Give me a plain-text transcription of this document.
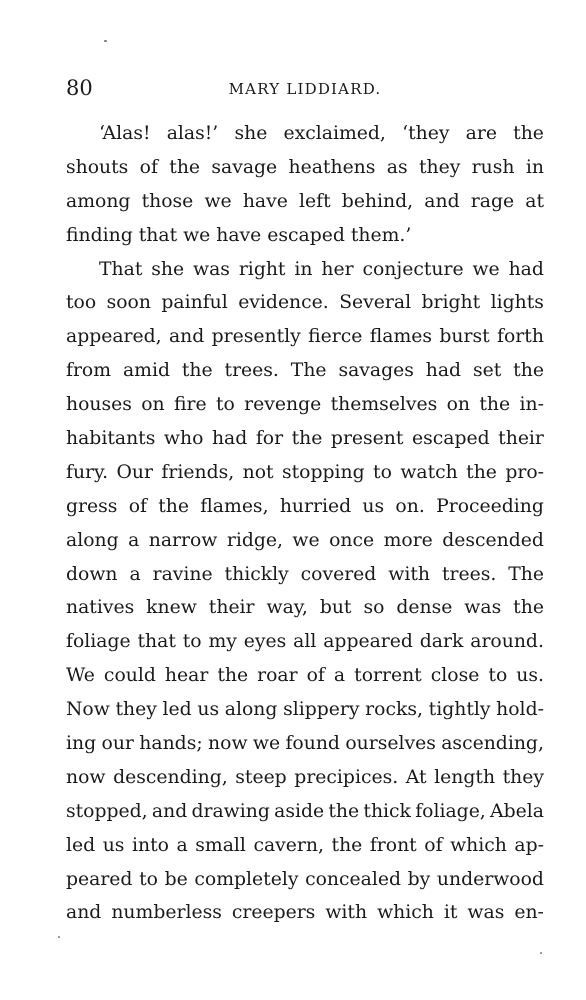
80	MARY LIDDIARD.
‘Alas! alas!’ she exclaimed, ‘they are the
shouts of the savage heathens as they rush in
among those we have left behind, and rage at
finding that we have escaped them.’
That she was right in her conjecture we had
too soon painful evidence. Several bright lights
appeared, and presently fierce flames burst forth
from amid the trees. The savages had set the
houses on fire to revenge themselves on the in-
habitants who had for the present escaped their
fury. Our friends, not stopping to watch the pro-
gress of the flames, hurried us on. Proceeding
along a narrow ridge, we once more descended
down a ravine thickly covered with trees. The
natives knew their way, but so dense was the
foliage that to my eyes all appeared dark around.
We could hear the roar of a torrent close to us.
Now they led us along slippery rocks, tightly hold-
ing our hands; now we found ourselves ascending,
now descending, steep precipices. At length they
stopped, and drawing aside the thick foliage, Abela
led us into a small cavern, the front of which ap-
peared to be completely concealed by underwood
and numberless creepers with which it was en-
